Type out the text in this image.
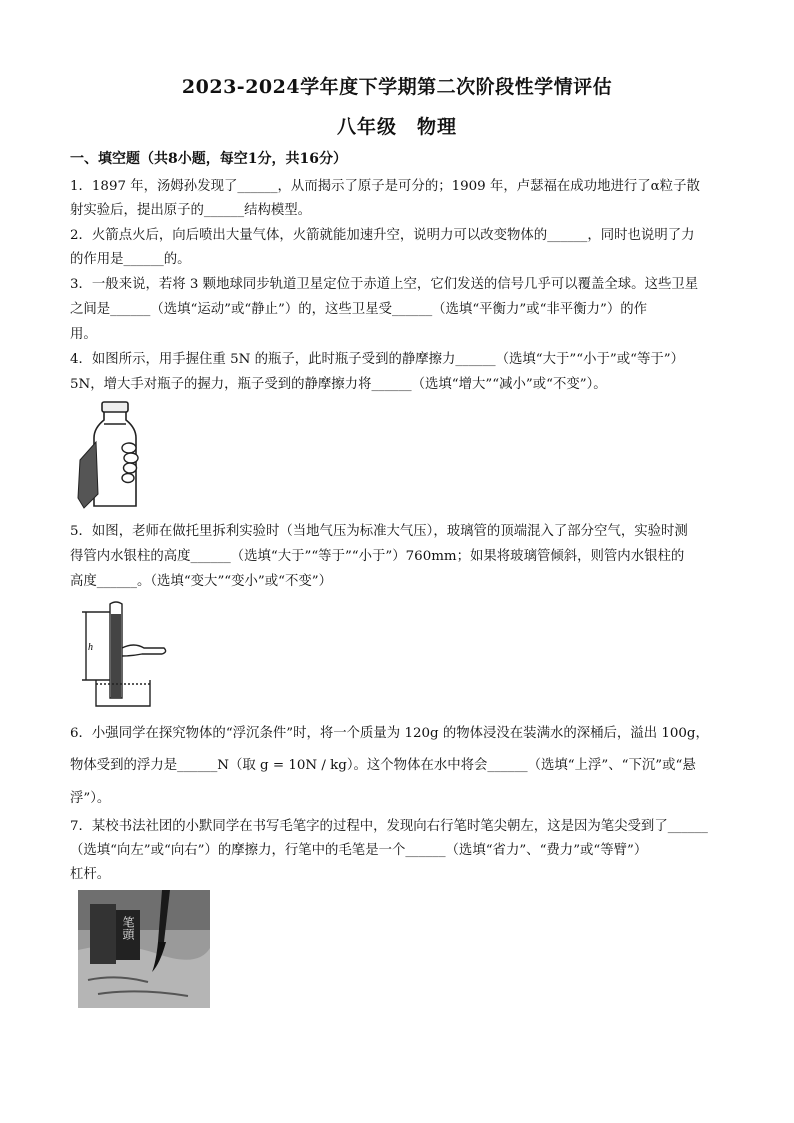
2023-2024学年度下学期第二次阶段性学情评估
八年级　物理
一、填空题（共8小题，每空1分，共16分）
1．1897 年，汤姆孙发现了______，从而揭示了原子是可分的；1909 年，卢瑟福在成功地进行了α粒子散
射实验后，提出原子的______结构模型。
2．火箭点火后，向后喷出大量气体，火箭就能加速升空，说明力可以改变物体的______，同时也说明了力
的作用是______的。
3．一般来说，若将 3 颗地球同步轨道卫星定位于赤道上空，它们发送的信号几乎可以覆盖全球。这些卫星
之间是______（选填“运动”或“静止”）的，这些卫星受______（选填“平衡力”或“非平衡力”）的作
用。
4．如图所示，用手握住重 5N 的瓶子，此时瓶子受到的静摩擦力______（选填“大于”“小于”或“等于”）
5N，增大手对瓶子的握力，瓶子受到的静摩擦力将______（选填“增大”“减小”或“不变”）。
5．如图，老师在做托里拆利实验时（当地气压为标准大气压），玻璃管的顶端混入了部分空气，实验时测
得管内水银柱的高度______（选填“大于”“等于”“小于”）760mm；如果将玻璃管倾斜，则管内水银柱的
高度______。（选填“变大”“变小”或“不变”）
h
6．小强同学在探究物体的“浮沉条件”时，将一个质量为 120g 的物体浸没在装满水的深桶后，溢出 100g，
物体受到的浮力是______N（取 g = 10N / kg）。这个物体在水中将会______（选填“上浮”、“下沉”或“悬
浮”）。
7．某校书法社团的小默同学在书写毛笔字的过程中，发现向右行笔时笔尖朝左，这是因为笔尖受到了______
（选填“向左”或“向右”）的摩擦力，行笔中的毛笔是一个______（选填“省力”、“费力”或“等臂”）
杠杆。
笔頭
